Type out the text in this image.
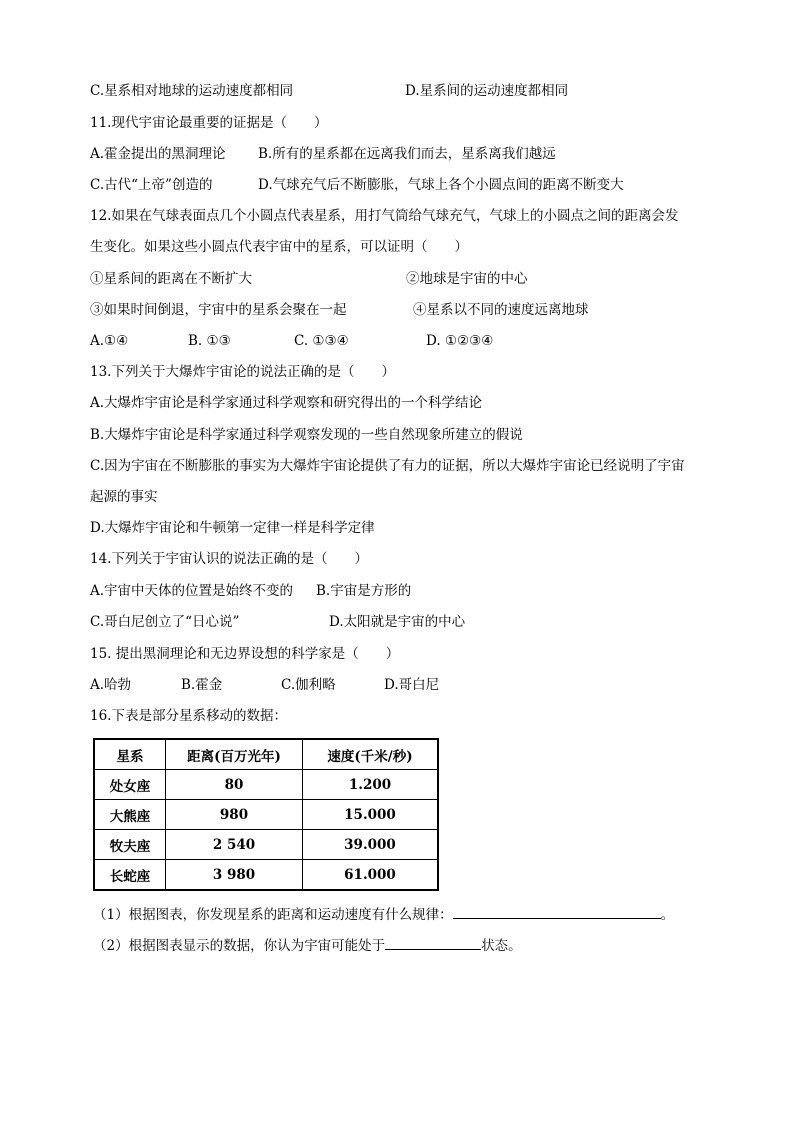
C.星系相对地球的运动速度都相同	D.星系间的运动速度都相同
11.现代宇宙论最重要的证据是（　　）
A.霍金提出的黑洞理论 B.所有的星系都在远离我们而去，星系离我们越远
C.古代“上帝”创造的	D.气球充气后不断膨胀，气球上各个小圆点间的距离不断变大
12.如果在气球表面点几个小圆点代表星系，用打气筒给气球充气，气球上的小圆点之间的距离会发
生变化。如果这些小圆点代表宇宙中的星系，可以证明（　　）
①星系间的距离在不断扩大	②地球是宇宙的中心
③如果时间倒退，宇宙中的星系会聚在一起	④星系以不同的速度远离地球
A.①④	B. ①③	C. ①③④	D. ①②③④
13.下列关于大爆炸宇宙论的说法正确的是（　　）
A.大爆炸宇宙论是科学家通过科学观察和研究得出的一个科学结论
B.大爆炸宇宙论是科学家通过科学观察发现的一些自然现象所建立的假说
C.因为宇宙在不断膨胀的事实为大爆炸宇宙论提供了有力的证据，所以大爆炸宇宙论已经说明了宇宙
起源的事实
D.大爆炸宇宙论和牛顿第一定律一样是科学定律
14.下列关于宇宙认识的说法正确的是（　　）
A.宇宙中天体的位置是始终不变的 B.宇宙是方形的
C.哥白尼创立了“日心说”	D.太阳就是宇宙的中心
15. 提出黑洞理论和无边界设想的科学家是（　　）
A.哈勃	B.霍金	C.伽利略	D.哥白尼
16.下表是部分星系移动的数据：
星系	距离(百万光年)	速度(千米/秒)
处女座	80	1.200
大熊座	980	15.000
牧夫座	2 540	39.000
长蛇座	3 980	61.000
（1）根据图表，你发现星系的距离和运动速度有什么规律：	。
（2）根据图表显示的数据，你认为宇宙可能处于	状态。
